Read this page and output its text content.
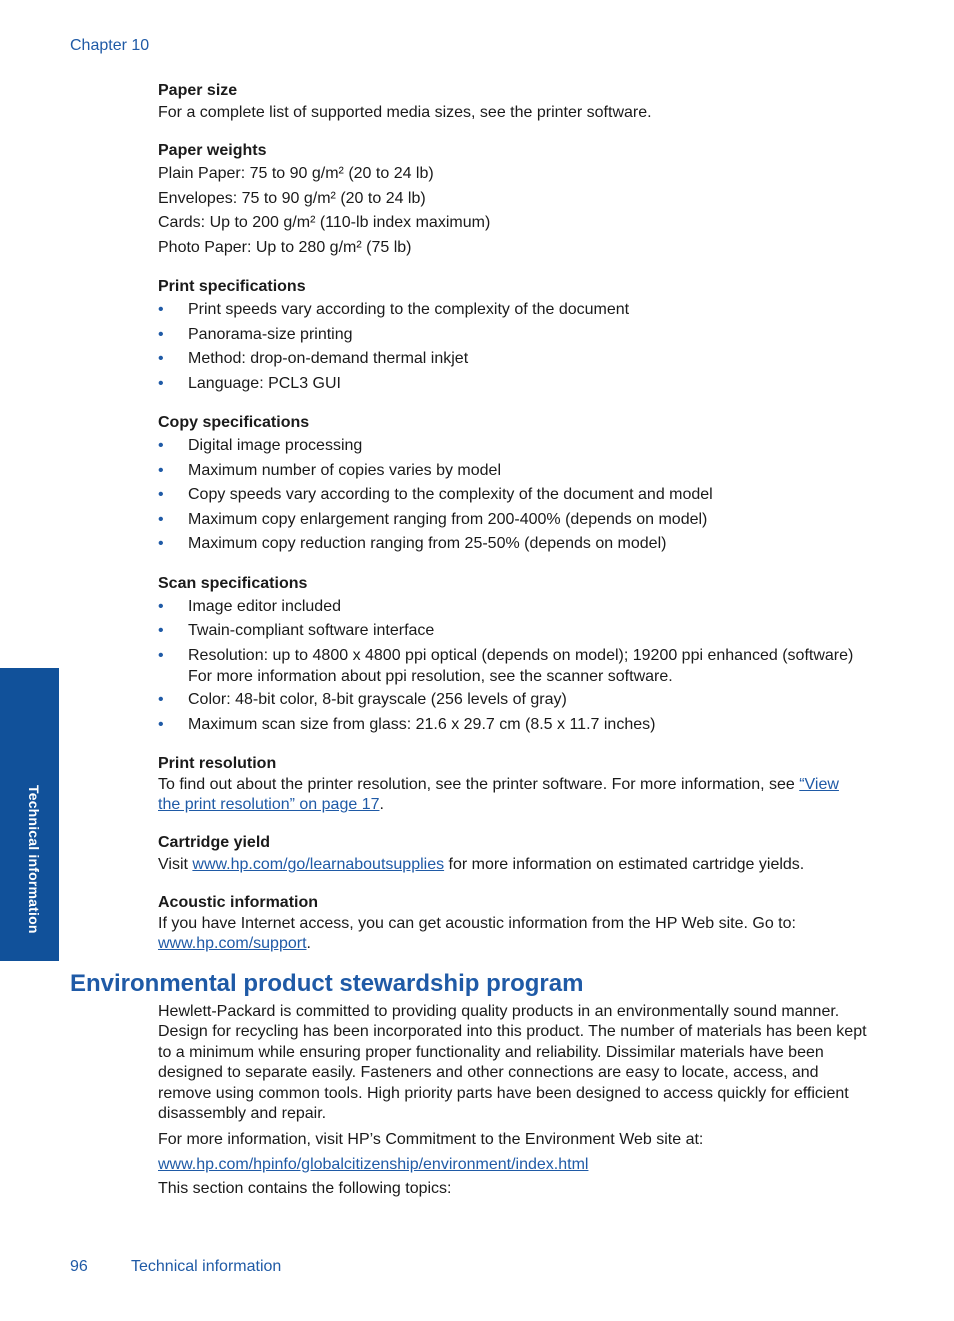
Chapter 10
Technical information
Paper size

For a complete list of supported media sizes, see the printer software.

Paper weights

Plain Paper: 75 to 90 g/m² (20 to 24 lb)

Envelopes: 75 to 90 g/m² (20 to 24 lb)

Cards: Up to 200 g/m² (110-lb index maximum)

Photo Paper: Up to 280 g/m² (75 lb)

Print specifications
• Print speeds vary according to the complexity of the document
• Panorama-size printing
• Method: drop-on-demand thermal inkjet
• Language: PCL3 GUI
Copy specifications
• Digital image processing
• Maximum number of copies varies by model
• Copy speeds vary according to the complexity of the document and model
• Maximum copy enlargement ranging from 200-400% (depends on model)
• Maximum copy reduction ranging from 25-50% (depends on model)
Scan specifications
• Image editor included
• Twain-compliant software interface
• Resolution: up to 4800 x 4800 ppi optical (depends on model); 19200 ppi enhanced (software)
For more information about ppi resolution, see the scanner software.
• Color: 48-bit color, 8-bit grayscale (256 levels of gray)
• Maximum scan size from glass: 21.6 x 29.7 cm (8.5 x 11.7 inches)
Print resolution

To find out about the printer resolution, see the printer software. For more information, see “View
the print resolution” on page 17.

Cartridge yield

Visit www.hp.com/go/learnaboutsupplies for more information on estimated cartridge yields.

Acoustic information

If you have Internet access, you can get acoustic information from the HP Web site. Go to:
www.hp.com/support.

Environmental product stewardship program

Hewlett-Packard is committed to providing quality products in an environmentally sound manner. Design for recycling has been incorporated into this product. The number of materials has been kept to a minimum while ensuring proper functionality and reliability. Dissimilar materials have been designed to separate easily. Fasteners and other connections are easy to locate, access, and remove using common tools. High priority parts have been designed to access quickly for efficient disassembly and repair.

For more information, visit HP’s Commitment to the Environment Web site at:

www.hp.com/hpinfo/globalcitizenship/environment/index.html

This section contains the following topics:

96	Technical information
